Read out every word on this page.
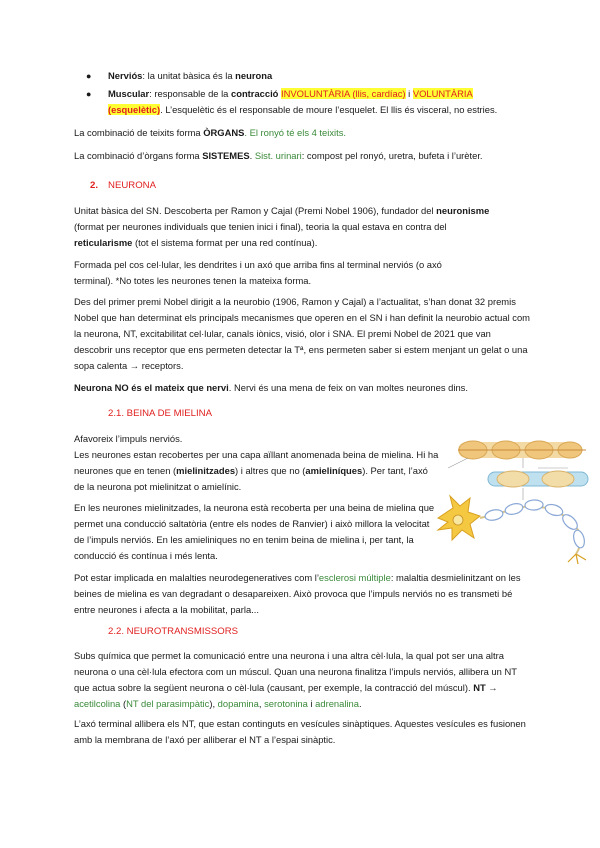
● Nerviós: la unitat bàsica és la neurona
● Muscular: responsable de la contracció INVOLUNTÀRIA (llis, cardíac) i VOLUNTÀRIA
(esquelètic). L’esquelètic és el responsable de moure l’esquelet. El llis és visceral, no estries.

La combinació de teixits forma ÒRGANS. El ronyó té els 4 teixits.

La combinació d’òrgans forma SISTEMES. Sist. urinari: compost pel ronyó, uretra, bufeta i l’urèter.

2. NEURONA

Unitat bàsica del SN. Descoberta per Ramon y Cajal (Premi Nobel 1906), fundador del neuronisme
(format per neurones individuals que tenien inici i final), teoria la qual estava en contra del
reticularisme (tot el sistema format per una red contínua).

Formada pel cos cel·lular, les dendrites i un axó que arriba fins al terminal nerviós (o axó terminal). *No totes les neurones tenen la mateixa forma.

Des del primer premi Nobel dirigit a la neurobio (1906, Ramon y Cajal) a l’actualitat, s’han donat 32 premis Nobel que han determinat els principals mecanismes que operen en el SN i han definit la neurobio actual com la neurona, NT, excitabilitat cel·lular, canals iònics, visió, olor i SNA. El premi Nobel de 2021 que van descobrir uns receptor que ens permeten detectar la Tª, ens permeten saber si estem menjant un gelat o una sopa calenta → receptors.

Neurona NO és el mateix que nervi. Nervi és una mena de feix on van moltes neurones dins.

2.1. BEINA DE MIELINA

Afavoreix l’impuls nerviós.
Les neurones estan recobertes per una capa aïllant anomenada beina de mielina. Hi ha neurones que en tenen (mielinitzades) i altres que no (amieliníques). Per tant, l’axó de la neurona pot mielinitzat o amielínic.

En les neurones mielinitzades, la neurona està recoberta per una beina de mielina que permet una conducció saltatòria (entre els nodes de Ranvier) i això millora la velocitat de l’impuls nerviós. En les amieliniques no en tenim beina de mielina i, per tant, la conducció és contínua i més lenta.

Pot estar implicada en malalties neurodegeneratives com l’esclerosi múltiple: malaltia desmielinitzant on les beines de mielina es van degradant o desapareixen. Això provoca que l’impuls nerviós no es transmeti bé entre neurones i afecta a la mobilitat, parla...

2.2. NEUROTRANSMISSORS

Subs química que permet la comunicació entre una neurona i una altra cèl·lula, la qual pot ser una altra neurona o una cèl·lula efectora com un múscul. Quan una neurona finalitza l’impuls nerviós, allibera un NT que actua sobre la següent neurona o cèl·lula (causant, per exemple, la contracció del múscul). NT → acetilcolina (NT del parasimpàtic), dopamina, serotonina i adrenalina.

L’axó terminal allibera els NT, que estan continguts en vesícules sinàptiques. Aquestes vesícules es fusionen amb la membrana de l’axó per alliberar el NT a l’espai sinàptic.
